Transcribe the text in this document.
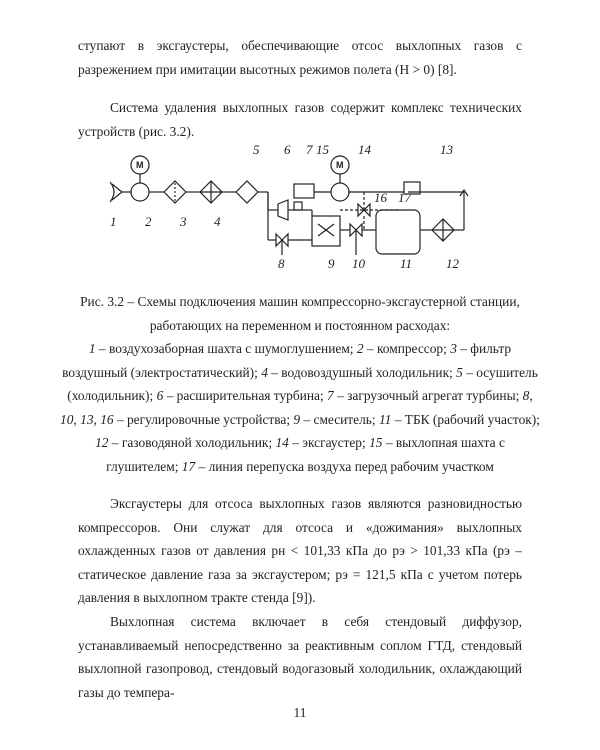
ступают в эксгаустеры, обеспечивающие отсос выхлопных газов с разрежением при имитации высотных режимов полета (H > 0) [8].
Система удаления выхлопных газов содержит комплекс технических устройств (рис. 3.2).
M	M
1 2 3 4
5 6 7
8	9 10	11	12
13
14
15
16 17
Рис. 3.2 – Схемы подключения машин компрессорно-эксгаустерной станции, работающих на переменном и постоянном расходах:
1 – воздухозаборная шахта с шумоглушением; 2 – компрессор; 3 – фильтр воздушный (электростатический); 4 – водовоздушный холодильник; 5 – осушитель (холодильник); 6 – расширительная турбина; 7 – загрузочный агрегат турбины; 8, 10, 13, 16 – регулировочные устройства; 9 – смеситель; 11 – ТБК (рабочий участок); 12 – газоводяной холодильник; 14 – эксгаустер; 15 – выхлопная шахта с глушителем; 17 – линия перепуска воздуха перед рабочим участком
Эксгаустеры для отсоса выхлопных газов являются разновидностью компрессоров. Они служат для отсоса и «дожимания» выхлопных охлажденных газов от давления pн < 101,33 кПа до pэ > 101,33 кПа (pэ – статическое давление газа за эксгаустером; pэ = 121,5 кПа с учетом потерь давления в выхлопном тракте стенда [9]).
Выхлопная система включает в себя стендовый диффузор, устанавливаемый непосредственно за реактивным соплом ГТД, стендовый выхлопной газопровод, стендовый водогазовый холодильник, охлаждающий газы до темпера-
11
